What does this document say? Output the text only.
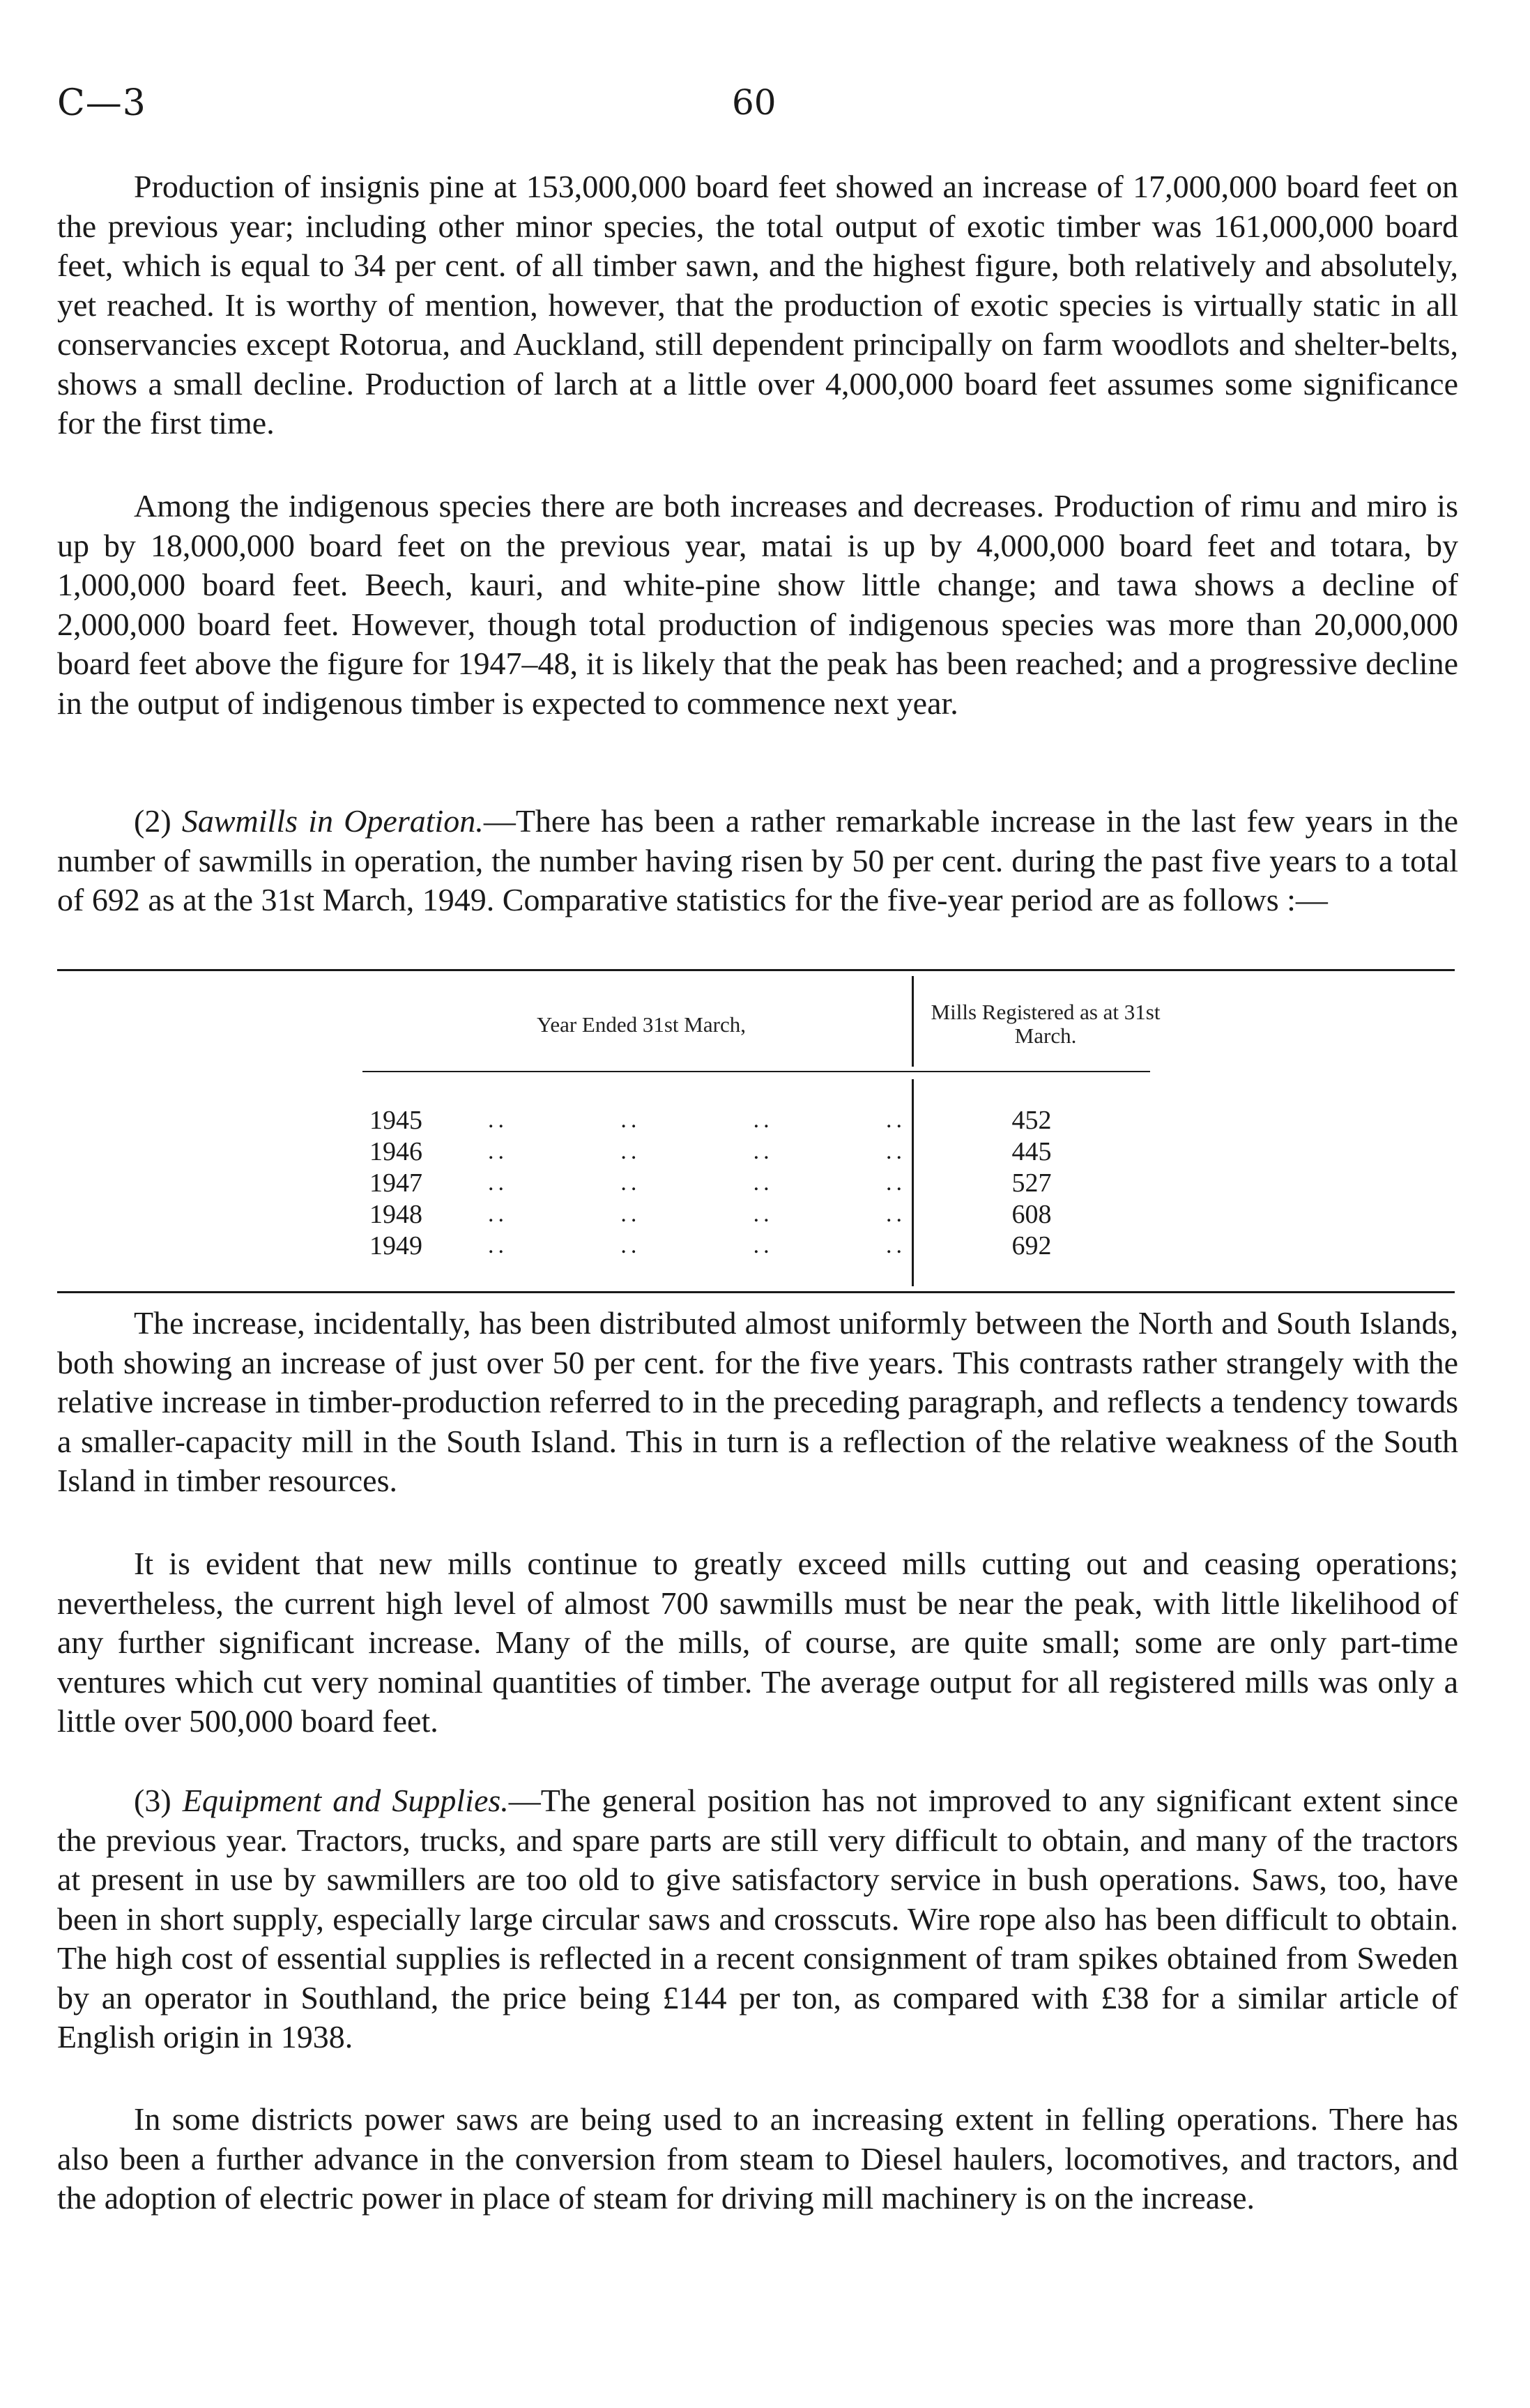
C—3	60

Production of insignis pine at 153,000,000 board feet showed an increase of 17,000,000 board feet on the previous year; including other minor species, the total output of exotic timber was 161,000,000 board feet, which is equal to 34 per cent. of all timber sawn, and the highest figure, both relatively and absolutely, yet reached. It is worthy of mention, however, that the production of exotic species is virtually static in all conservancies except Rotorua, and Auckland, still dependent principally on farm woodlots and shelter-belts, shows a small decline. Production of larch at a little over 4,000,000 board feet assumes some significance for the first time.

Among the indigenous species there are both increases and decreases. Production of rimu and miro is up by 18,000,000 board feet on the previous year, matai is up by 4,000,000 board feet and totara, by 1,000,000 board feet. Beech, kauri, and white-pine show little change; and tawa shows a decline of 2,000,000 board feet. However, though total production of indigenous species was more than 20,000,000 board feet above the figure for 1947–48, it is likely that the peak has been reached; and a progressive decline in the output of indigenous timber is expected to commence next year.

(2) Sawmills in Operation.—There has been a rather remarkable increase in the last few years in the number of sawmills in operation, the number having risen by 50 per cent. during the past five years to a total of 692 as at the 31st March, 1949. Comparative statistics for the five-year period are as follows :—

Year Ended 31st March,
Mills Registered as at 31st March.
1945	..	..	..	..	452
1946	..	..	..	..	445
1947	..	..	..	..	527
1948	..	..	..	..	608
1949	..	..	..	..	692

The increase, incidentally, has been distributed almost uniformly between the North and South Islands, both showing an increase of just over 50 per cent. for the five years. This contrasts rather strangely with the relative increase in timber-production referred to in the preceding paragraph, and reflects a tendency towards a smaller-capacity mill in the South Island. This in turn is a reflection of the relative weakness of the South Island in timber resources.

It is evident that new mills continue to greatly exceed mills cutting out and ceasing operations; nevertheless, the current high level of almost 700 sawmills must be near the peak, with little likelihood of any further significant increase. Many of the mills, of course, are quite small; some are only part-time ventures which cut very nominal quantities of timber. The average output for all registered mills was only a little over 500,000 board feet.

(3) Equipment and Supplies.—The general position has not improved to any significant extent since the previous year. Tractors, trucks, and spare parts are still very difficult to obtain, and many of the tractors at present in use by sawmillers are too old to give satisfactory service in bush operations. Saws, too, have been in short supply, especially large circular saws and crosscuts. Wire rope also has been difficult to obtain. The high cost of essential supplies is reflected in a recent consignment of tram spikes obtained from Sweden by an operator in Southland, the price being £144 per ton, as compared with £38 for a similar article of English origin in 1938.

In some districts power saws are being used to an increasing extent in felling operations. There has also been a further advance in the conversion from steam to Diesel haulers, locomotives, and tractors, and the adoption of electric power in place of steam for driving mill machinery is on the increase.
